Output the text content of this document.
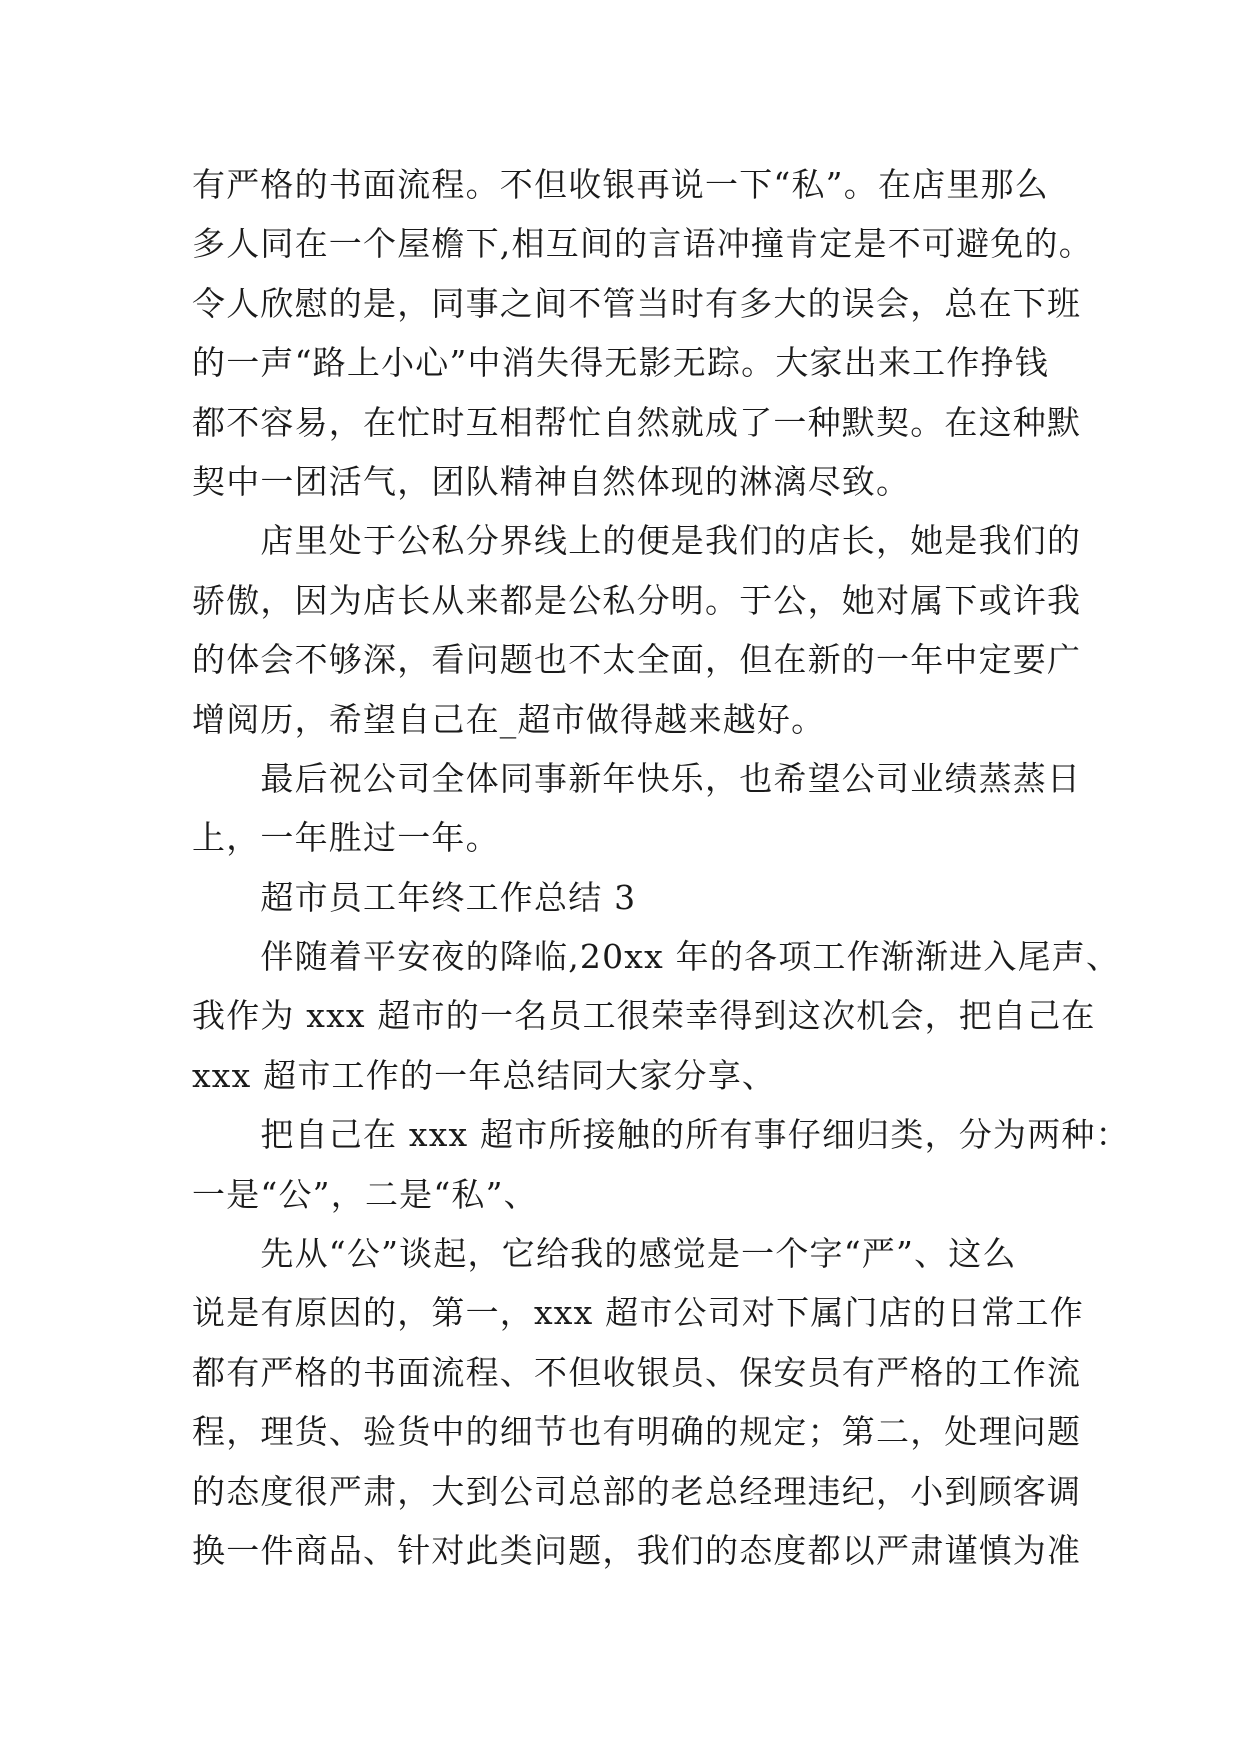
有严格的书面流程。不但收银再说一下“私”。在店里那么
多人同在一个屋檐下,相互间的言语冲撞肯定是不可避免的。
令人欣慰的是，同事之间不管当时有多大的误会，总在下班
的一声“路上小心”中消失得无影无踪。大家出来工作挣钱
都不容易，在忙时互相帮忙自然就成了一种默契。在这种默
契中一团活气，团队精神自然体现的淋漓尽致。
　　店里处于公私分界线上的便是我们的店长，她是我们的
骄傲，因为店长从来都是公私分明。于公，她对属下或许我
的体会不够深，看问题也不太全面，但在新的一年中定要广
增阅历，希望自己在_超市做得越来越好。
　　最后祝公司全体同事新年快乐，也希望公司业绩蒸蒸日
上，一年胜过一年。
　　超市员工年终工作总结 3
　　伴随着平安夜的降临,20xx 年的各项工作渐渐进入尾声、
我作为 xxx 超市的一名员工很荣幸得到这次机会，把自己在
xxx 超市工作的一年总结同大家分享、
　　把自己在 xxx 超市所接触的所有事仔细归类，分为两种：
一是“公”，二是“私”、
　　先从“公”谈起，它给我的感觉是一个字“严”、这么
说是有原因的，第一，xxx 超市公司对下属门店的日常工作
都有严格的书面流程、不但收银员、保安员有严格的工作流
程，理货、验货中的细节也有明确的规定；第二，处理问题
的态度很严肃，大到公司总部的老总经理违纪，小到顾客调
换一件商品、针对此类问题，我们的态度都以严肃谨慎为准
